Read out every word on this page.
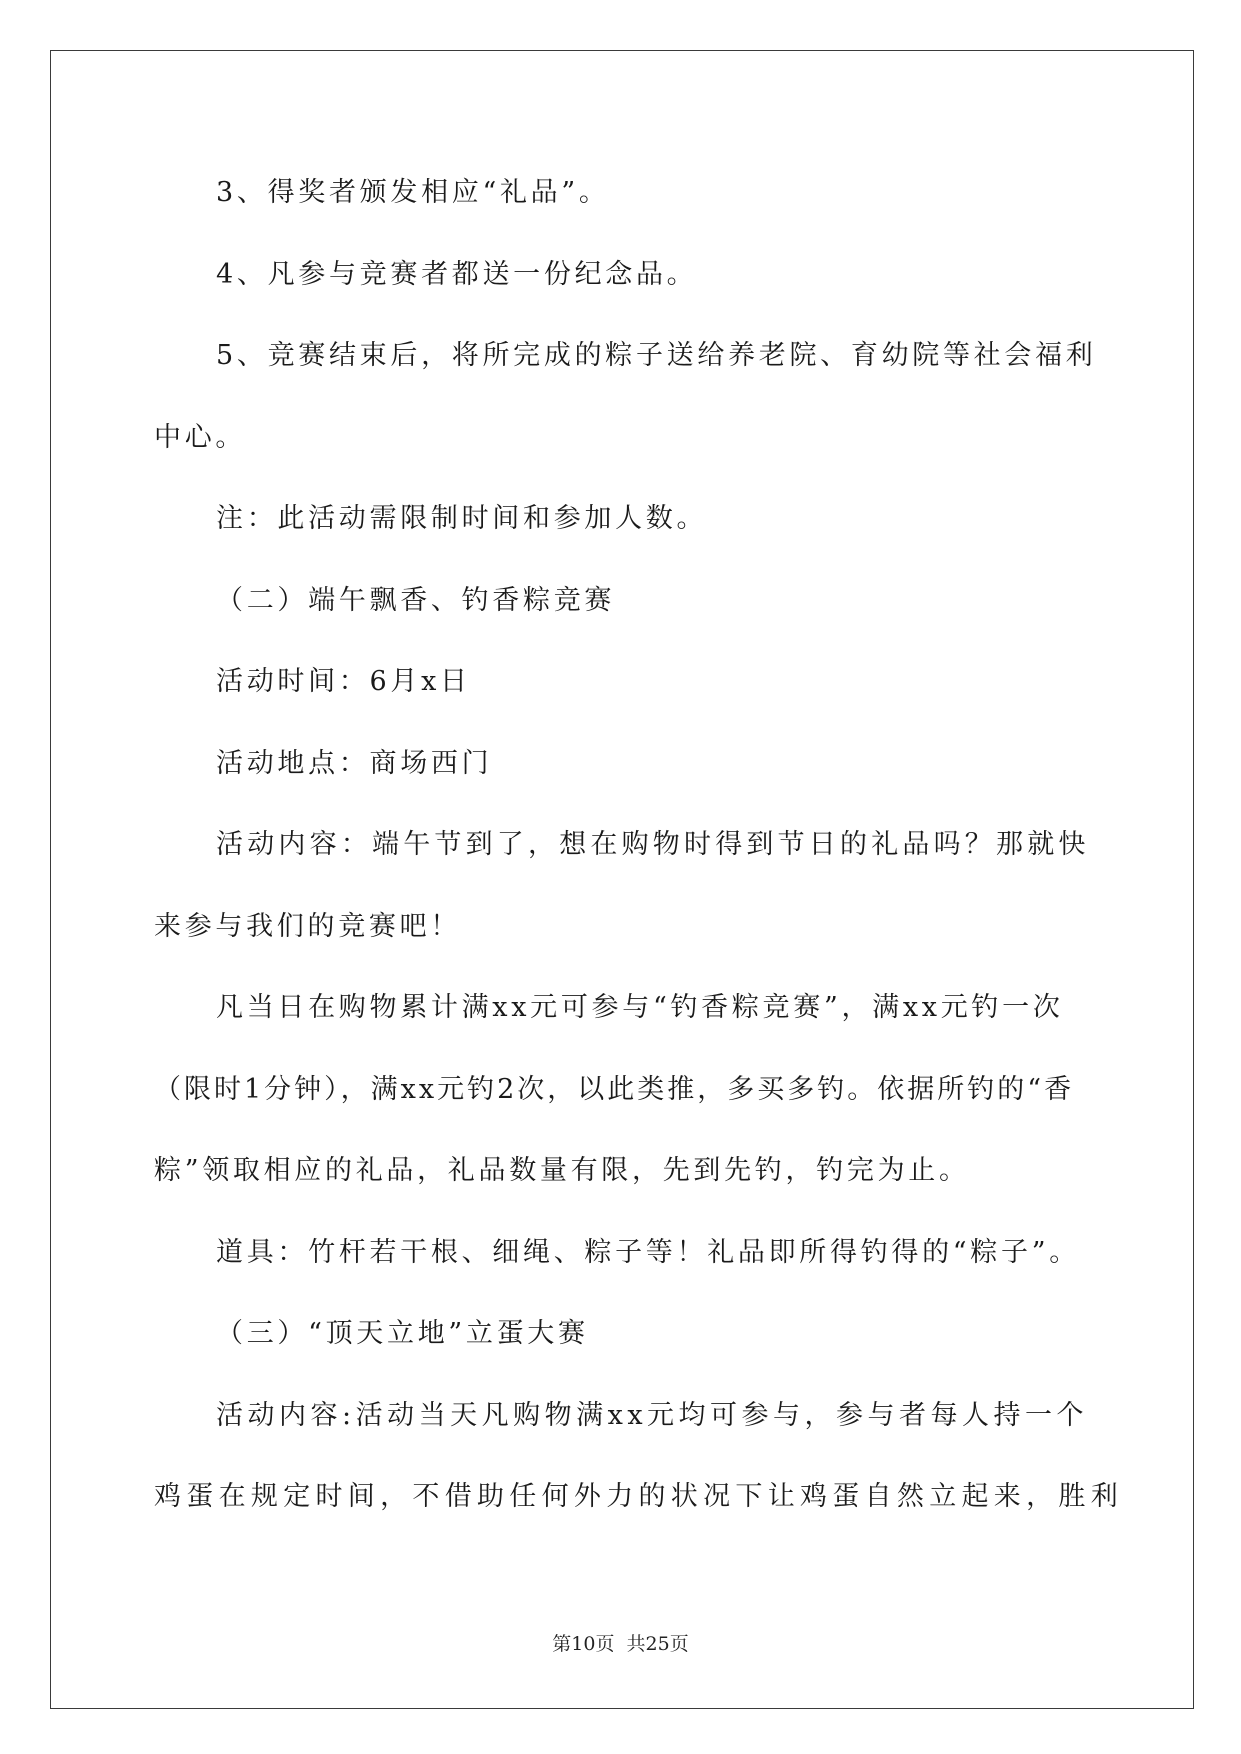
3、得奖者颁发相应“礼品”。
4、凡参与竞赛者都送一份纪念品。
5、竞赛结束后，将所完成的粽子送给养老院、育幼院等社会福利
中心。
注：此活动需限制时间和参加人数。
（二）端午飘香、钓香粽竞赛
活动时间：6月x日
活动地点：商场西门
活动内容：端午节到了，想在购物时得到节日的礼品吗？那就快
来参与我们的竞赛吧！
凡当日在购物累计满xx元可参与“钓香粽竞赛”，满xx元钓一次
（限时1分钟），满xx元钓2次，以此类推，多买多钓。依据所钓的“香
粽”领取相应的礼品，礼品数量有限，先到先钓，钓完为止。
道具：竹杆若干根、细绳、粽子等！礼品即所得钓得的“粽子”。
（三）“顶天立地”立蛋大赛
活动内容:活动当天凡购物满xx元均可参与，参与者每人持一个
鸡蛋在规定时间，不借助任何外力的状况下让鸡蛋自然立起来，胜利
第10页 共25页
